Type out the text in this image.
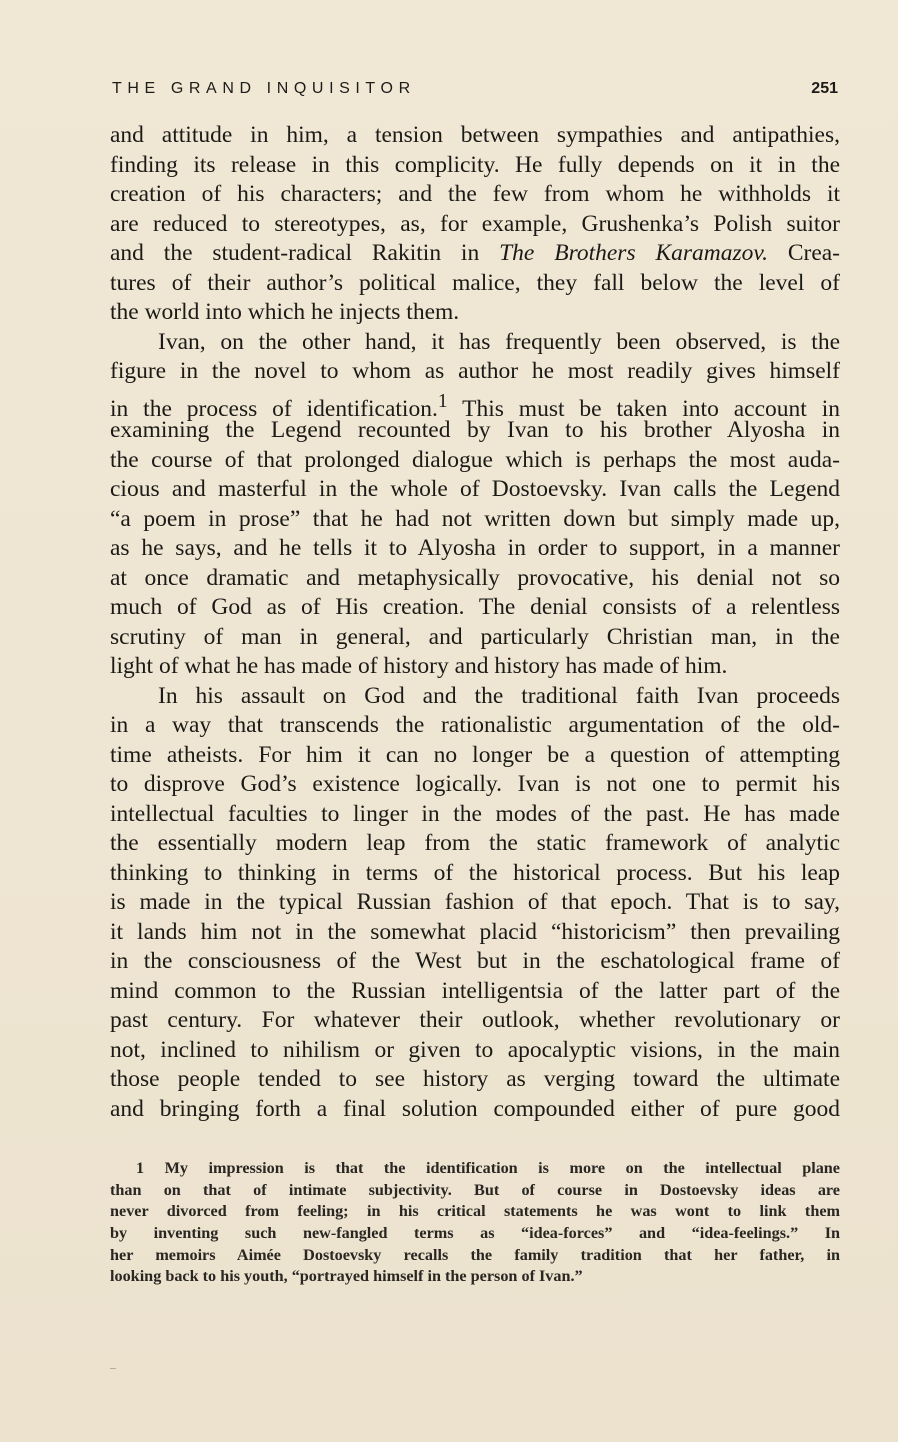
THE GRAND INQUISITOR	251
and attitude in him, a tension between sympathies and antipathies,
finding its release in this complicity. He fully depends on it in the
creation of his characters; and the few from whom he withholds it
are reduced to stereotypes, as, for example, Grushenka’s Polish suitor
and the student-radical Rakitin in The Brothers Karamazov. Crea-
tures of their author’s political malice, they fall below the level of
the world into which he injects them.
Ivan, on the other hand, it has frequently been observed, is the
figure in the novel to whom as author he most readily gives himself
in the process of identification.$^1$ This must be taken into account in
examining the Legend recounted by Ivan to his brother Alyosha in
the course of that prolonged dialogue which is perhaps the most auda-
cious and masterful in the whole of Dostoevsky. Ivan calls the Legend
“a poem in prose” that he had not written down but simply made up,
as he says, and he tells it to Alyosha in order to support, in a manner
at once dramatic and metaphysically provocative, his denial not so
much of God as of His creation. The denial consists of a relentless
scrutiny of man in general, and particularly Christian man, in the
light of what he has made of history and history has made of him.
In his assault on God and the traditional faith Ivan proceeds
in a way that transcends the rationalistic argumentation of the old-
time atheists. For him it can no longer be a question of attempting
to disprove God’s existence logically. Ivan is not one to permit his
intellectual faculties to linger in the modes of the past. He has made
the essentially modern leap from the static framework of analytic
thinking to thinking in terms of the historical process. But his leap
is made in the typical Russian fashion of that epoch. That is to say,
it lands him not in the somewhat placid “historicism” then prevailing
in the consciousness of the West but in the eschatological frame of
mind common to the Russian intelligentsia of the latter part of the
past century. For whatever their outlook, whether revolutionary or
not, inclined to nihilism or given to apocalyptic visions, in the main
those people tended to see history as verging toward the ultimate
and bringing forth a final solution compounded either of pure good
1 My impression is that the identification is more on the intellectual plane
than on that of intimate subjectivity. But of course in Dostoevsky ideas are
never divorced from feeling; in his critical statements he was wont to link them
by inventing such new-fangled terms as “idea-forces” and “idea-feelings.” In
her memoirs Aimée Dostoevsky recalls the family tradition that her father, in
looking back to his youth, “portrayed himself in the person of Ivan.”
